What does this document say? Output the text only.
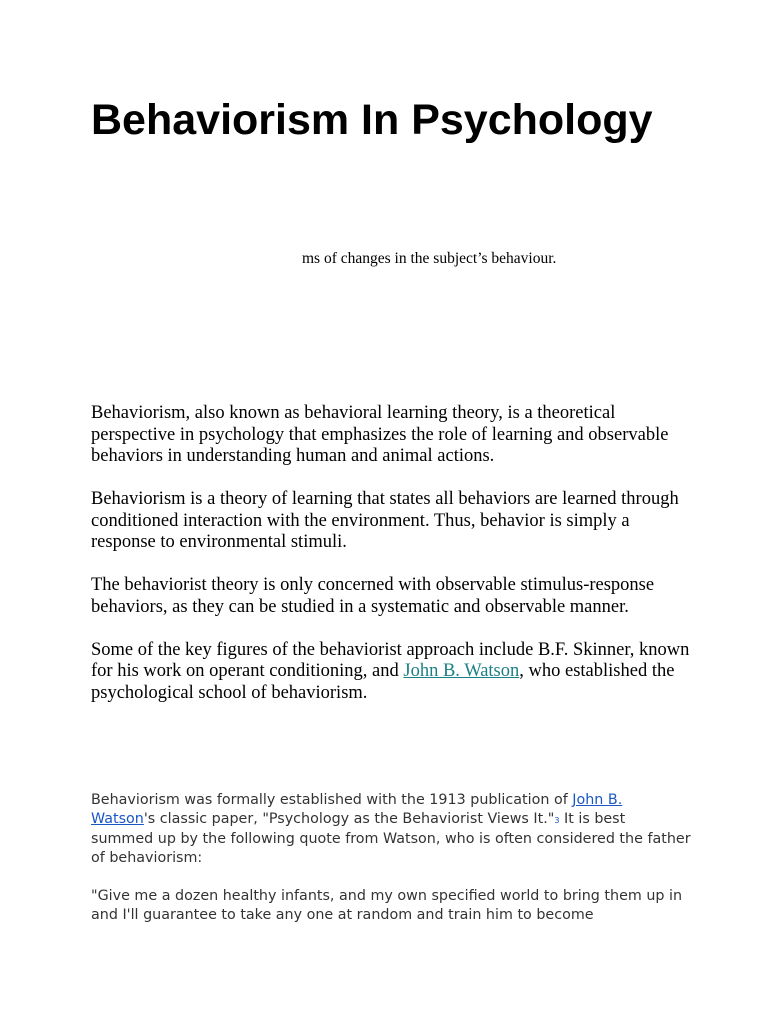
Behaviorism In Psychology

ms of changes in the subject’s behaviour.

Behaviorism, also known as behavioral learning theory, is a theoretical perspective in psychology that emphasizes the role of learning and observable behaviors in understanding human and animal actions.

Behaviorism is a theory of learning that states all behaviors are learned through conditioned interaction with the environment. Thus, behavior is simply a response to environmental stimuli.

The behaviorist theory is only concerned with observable stimulus-response behaviors, as they can be studied in a systematic and observable manner.

Some of the key figures of the behaviorist approach include B.F. Skinner, known for his work on operant conditioning, and John B. Watson, who established the psychological school of behaviorism.

Behaviorism was formally established with the 1913 publication of John B. Watson's classic paper, "Psychology as the Behaviorist Views It."3 It is best summed up by the following quote from Watson, who is often considered the father of behaviorism:

"Give me a dozen healthy infants, and my own specified world to bring them up in and I'll guarantee to take any one at random and train him to become
